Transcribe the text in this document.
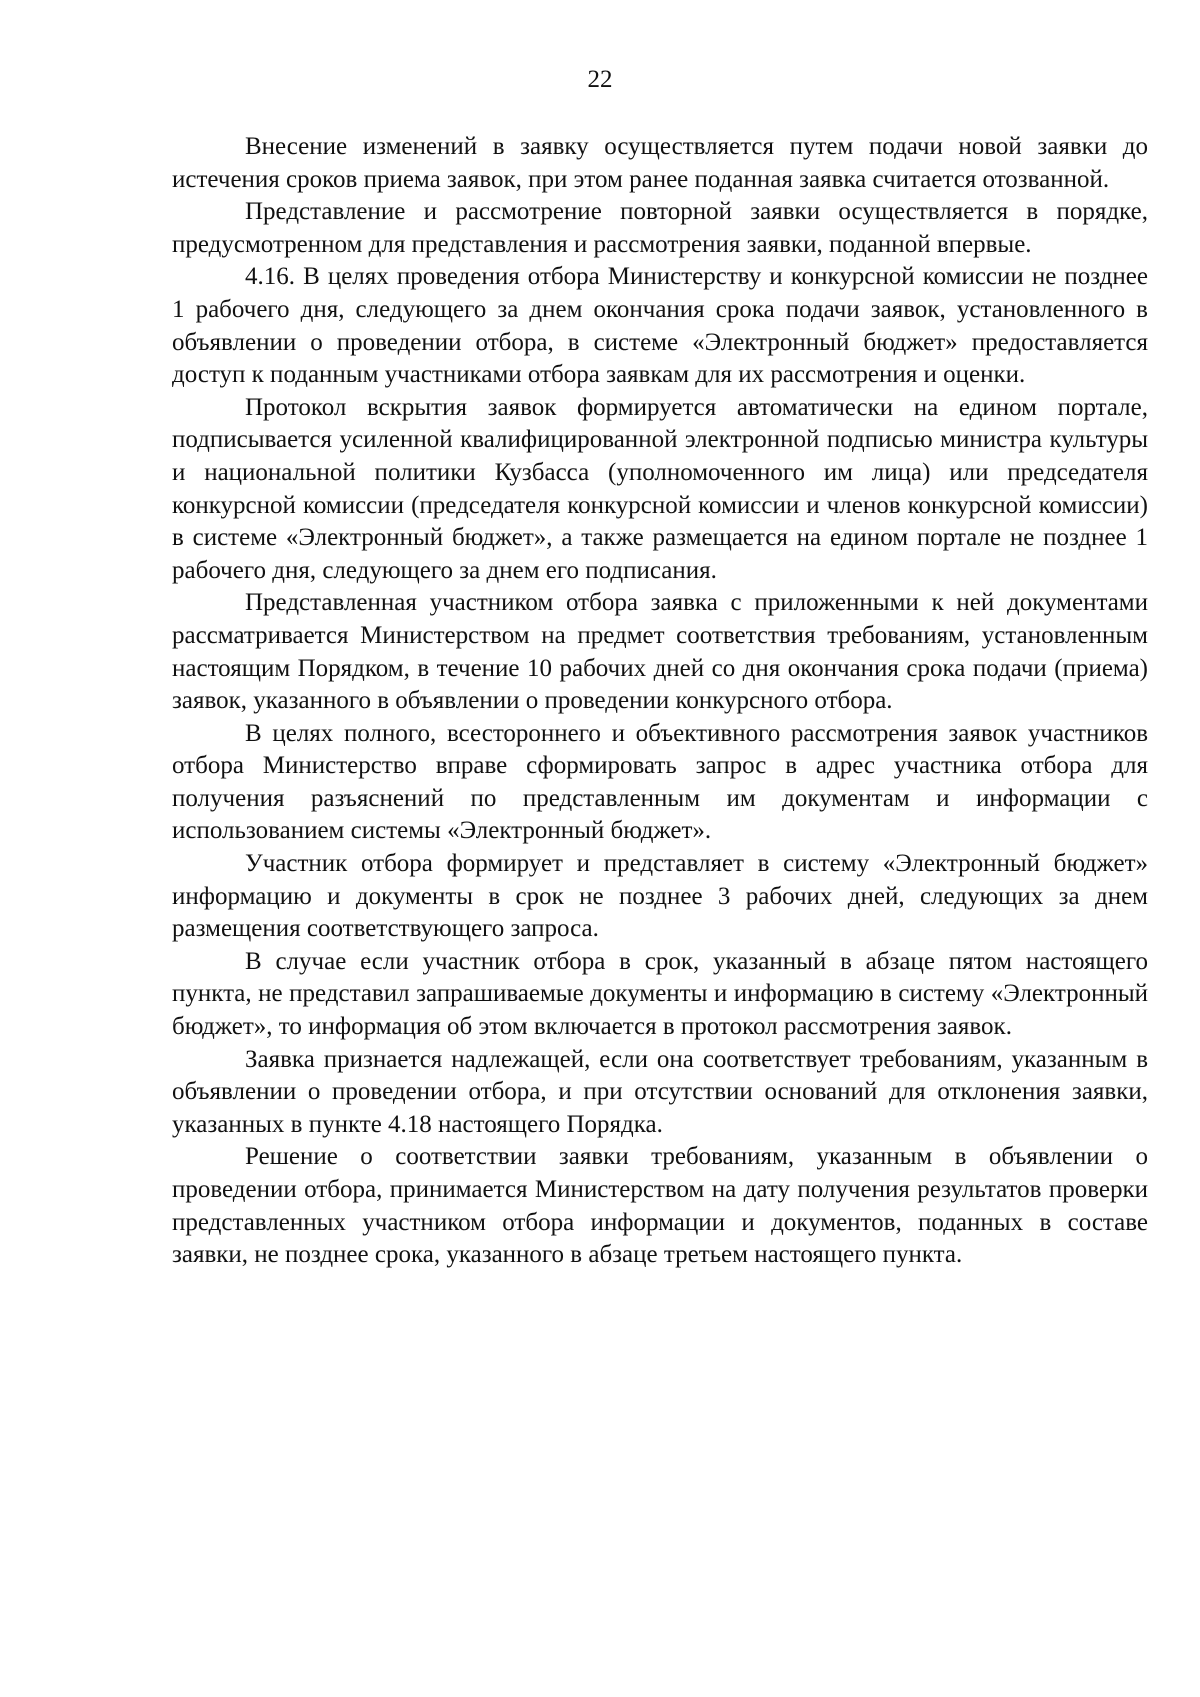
22

Внесение изменений в заявку осуществляется путем подачи новой заявки до истечения сроков приема заявок, при этом ранее поданная заявка считается отозванной.

Представление и рассмотрение повторной заявки осуществляется в порядке, предусмотренном для представления и рассмотрения заявки, поданной впервые.

4.16. В целях проведения отбора Министерству и конкурсной комиссии не позднее 1 рабочего дня, следующего за днем окончания срока подачи заявок, установленного в объявлении о проведении отбора, в системе «Электронный бюджет» предоставляется доступ к поданным участниками отбора заявкам для их рассмотрения и оценки.

Протокол вскрытия заявок формируется автоматически на едином портале, подписывается усиленной квалифицированной электронной подписью министра культуры и национальной политики Кузбасса (уполномоченного им лица) или председателя конкурсной комиссии (председателя конкурсной комиссии и членов конкурсной комиссии) в системе «Электронный бюджет», а также размещается на едином портале не позднее 1 рабочего дня, следующего за днем его подписания.

Представленная участником отбора заявка с приложенными к ней документами рассматривается Министерством на предмет соответствия требованиям, установленным настоящим Порядком, в течение 10 рабочих дней со дня окончания срока подачи (приема) заявок, указанного в объявлении о проведении конкурсного отбора.

В целях полного, всестороннего и объективного рассмотрения заявок участников отбора Министерство вправе сформировать запрос в адрес участника отбора для получения разъяснений по представленным им документам и информации с использованием системы «Электронный бюджет».

Участник отбора формирует и представляет в систему «Электронный бюджет» информацию и документы в срок не позднее 3 рабочих дней, следующих за днем размещения соответствующего запроса.

В случае если участник отбора в срок, указанный в абзаце пятом настоящего пункта, не представил запрашиваемые документы и информацию в систему «Электронный бюджет», то информация об этом включается в протокол рассмотрения заявок.

Заявка признается надлежащей, если она соответствует требованиям, указанным в объявлении о проведении отбора, и при отсутствии оснований для отклонения заявки, указанных в пункте 4.18 настоящего Порядка.

Решение о соответствии заявки требованиям, указанным в объявлении о проведении отбора, принимается Министерством на дату получения результатов проверки представленных участником отбора информации и документов, поданных в составе заявки, не позднее срока, указанного в абзаце третьем настоящего пункта.
